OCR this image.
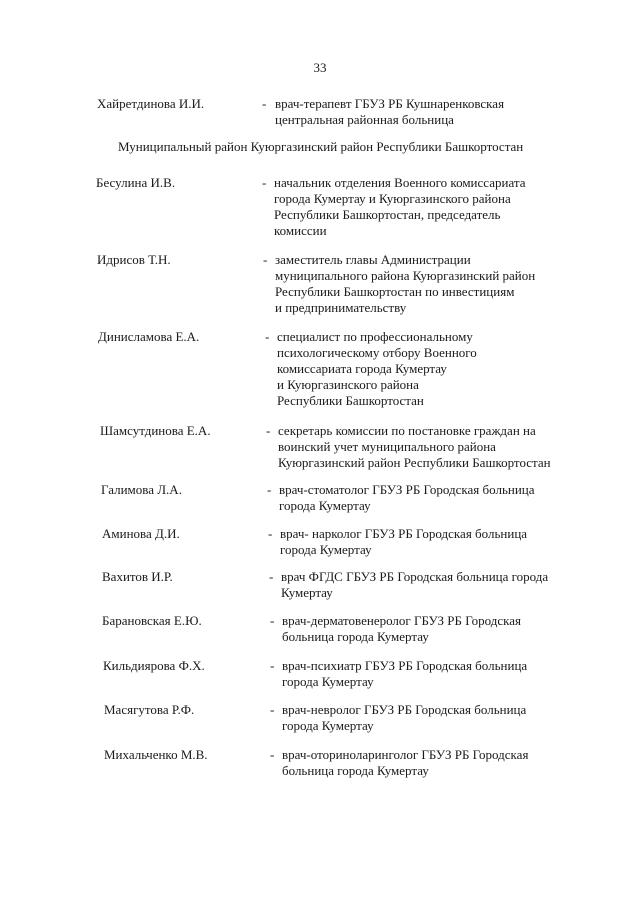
33
Хайретдинова И.И.	- врач-терапевт ГБУЗ РБ Кушнаренковская
центральная районная больница
Муниципальный район Куюргазинский район Республики Башкортостан
Бесулина И.В.	- начальник отделения Военного комиссариата
города Кумертау и Куюргазинского района
Республики Башкортостан, председатель
комиссии
Идрисов Т.Н.	- заместитель главы Администрации
муниципального района Куюргазинский район
Республики Башкортостан по инвестициям
и предпринимательству
Динисламова Е.А.	- специалист по профессиональному
психологическому отбору Военного
комиссариата города Кумертау
и Куюргазинского района
Республики Башкортостан
Шамсутдинова Е.А.	- секретарь комиссии по постановке граждан на
воинский учет муниципального района
Куюргазинский район Республики Башкортостан
Галимова Л.А.	- врач-стоматолог ГБУЗ РБ Городская больница
города Кумертау
Аминова Д.И.	- врач- нарколог ГБУЗ РБ Городская больница
города Кумертау
Вахитов И.Р.	- врач ФГДС ГБУЗ РБ Городская больница города
Кумертау
Барановская Е.Ю.	- врач-дерматовенеролог ГБУЗ РБ Городская
больница города Кумертау
Кильдиярова Ф.Х.	- врач-психиатр ГБУЗ РБ Городская больница
города Кумертау
Масягутова Р.Ф.	- врач-невролог ГБУЗ РБ Городская больница
города Кумертау
Михальченко М.В.	- врач-оториноларинголог ГБУЗ РБ Городская
больница города Кумертау
